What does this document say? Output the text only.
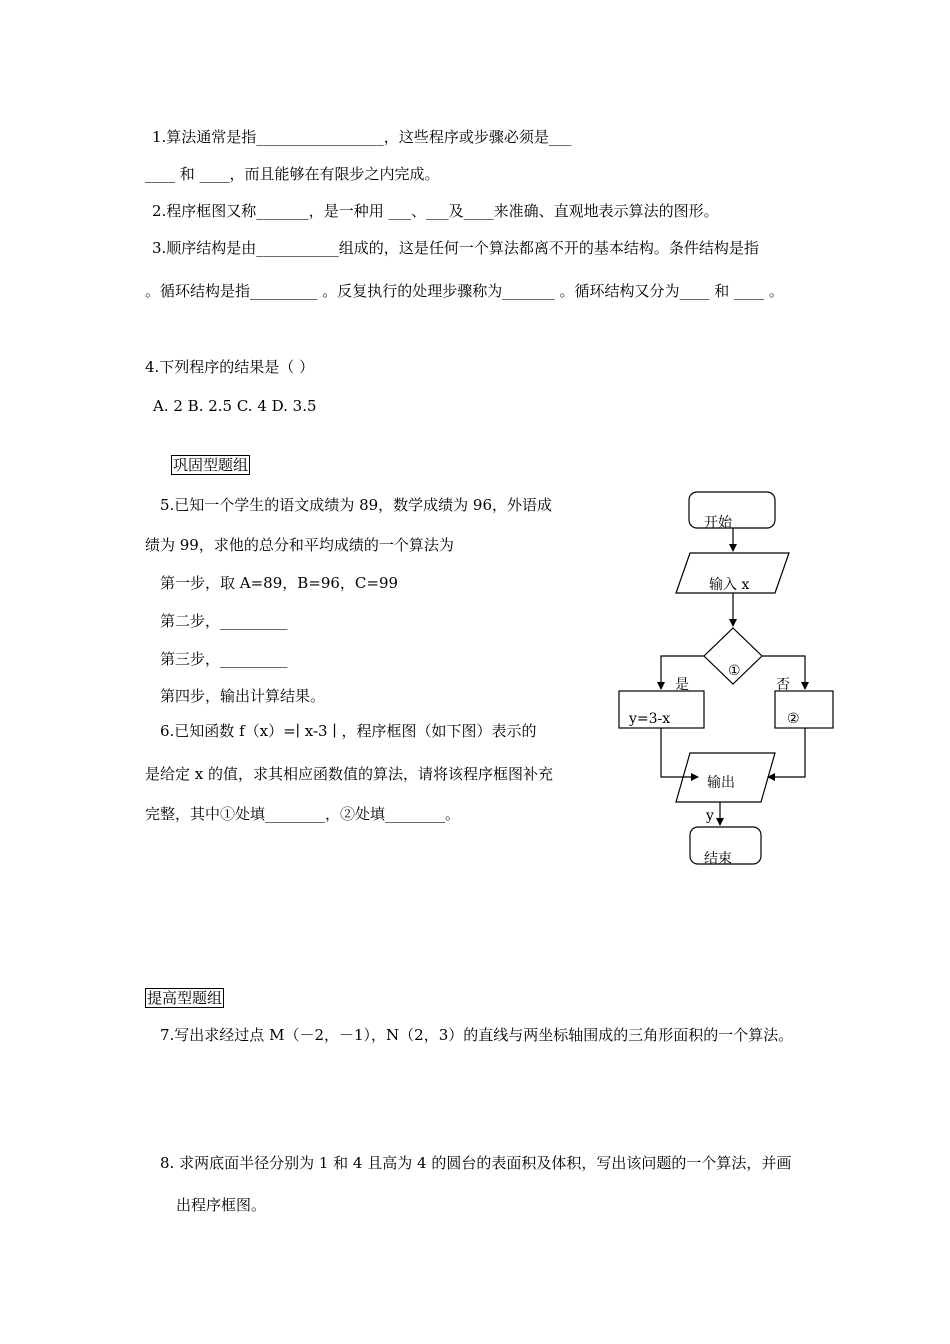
1.算法通常是指_________________，这些程序或步骤必须是___
____ 和 ____，而且能够在有限步之内完成。
2.程序框图又称_______，是一种用 ___、___及____来准确、直观地表示算法的图形。
3.顺序结构是由___________组成的，这是任何一个算法都离不开的基本结构。条件结构是指
。循环结构是指_________ 。反复执行的处理步骤称为_______ 。循环结构又分为____ 和 ____ 。
4.下列程序的结果是（ ）
A. 2 B. 2.5 C. 4 D. 3.5
巩固型题组
5.已知一个学生的语文成绩为 89，数学成绩为 96，外语成
绩为 99，求他的总分和平均成绩的一个算法为
第一步，取 A=89，B=96，C=99
第二步，_________
第三步，_________
第四步，输出计算结果。
6.已知函数 f（x）=∣ x-3 ∣ ，程序框图（如下图）表示的
是给定 x 的值，求其相应函数值的算法，请将该程序框图补充
完整，其中①处填________，②处填________。
开始
输入 x
①
是	否
y=3-x	②
输出
y
结束
提高型题组
7.写出求经过点 M（－2，－1），N（2，3）的直线与两坐标轴围成的三角形面积的一个算法。
8. 求两底面半径分别为 1 和 4 且高为 4 的圆台的表面积及体积，写出该问题的一个算法，并画
出程序框图。
